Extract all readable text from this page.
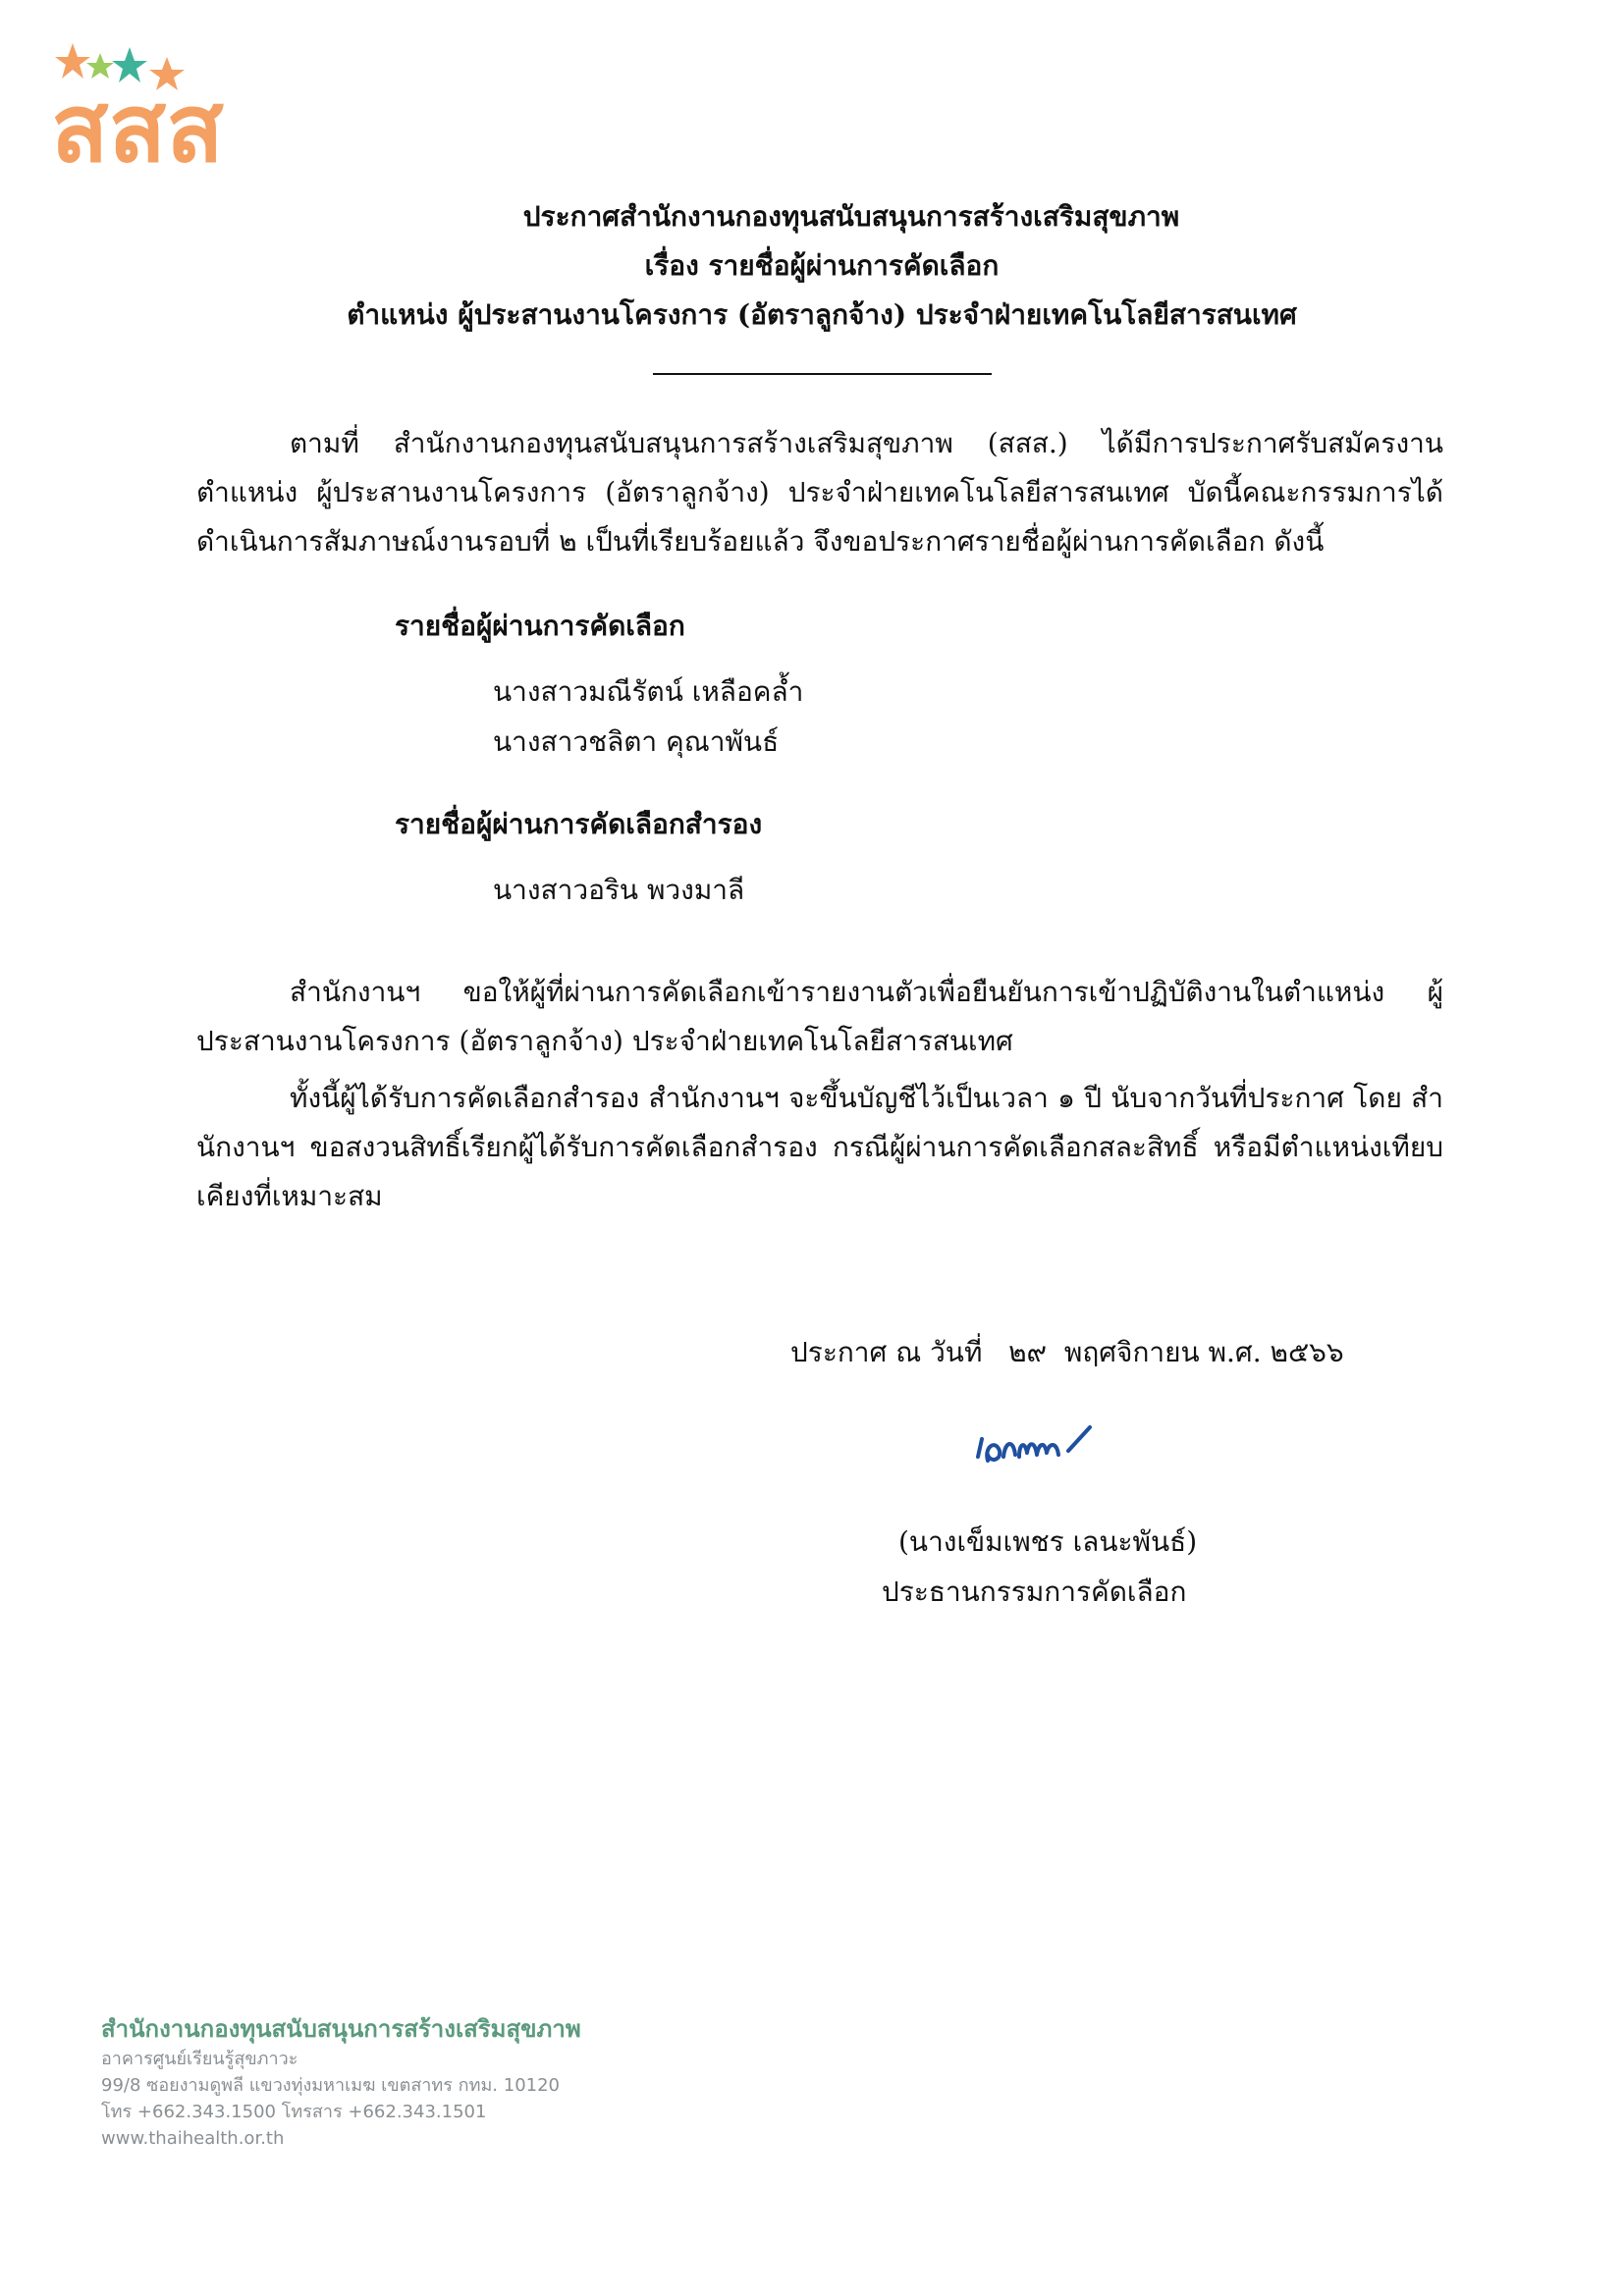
สสส
ประกาศสำนักงานกองทุนสนับสนุนการสร้างเสริมสุขภาพ
เรื่อง รายชื่อผู้ผ่านการคัดเลือก
ตำแหน่ง ผู้ประสานงานโครงการ (อัตราลูกจ้าง) ประจำฝ่ายเทคโนโลยีสารสนเทศ
ตามที่ สำนักงานกองทุนสนับสนุนการสร้างเสริมสุขภาพ (สสส.) ได้มีการประกาศรับสมัครงาน ตำแหน่ง ผู้ประสานงานโครงการ (อัตราลูกจ้าง) ประจำฝ่ายเทคโนโลยีสารสนเทศ บัดนี้คณะกรรมการได้ดำเนินการสัมภาษณ์งานรอบที่ ๒ เป็นที่เรียบร้อยแล้ว จึงขอประกาศรายชื่อผู้ผ่านการคัดเลือก ดังนี้
รายชื่อผู้ผ่านการคัดเลือก
นางสาวมณีรัตน์ เหลือคล้ำ
นางสาวชลิตา คุณาพันธ์
รายชื่อผู้ผ่านการคัดเลือกสำรอง
นางสาวอริน พวงมาลี
สำนักงานฯ ขอให้ผู้ที่ผ่านการคัดเลือกเข้ารายงานตัวเพื่อยืนยันการเข้าปฏิบัติงานในตำแหน่ง ผู้ประสานงานโครงการ (อัตราลูกจ้าง) ประจำฝ่ายเทคโนโลยีสารสนเทศ
ทั้งนี้ผู้ได้รับการคัดเลือกสำรอง สำนักงานฯ จะขึ้นบัญชีไว้เป็นเวลา ๑ ปี นับจากวันที่ประกาศ โดย สำนักงานฯ ขอสงวนสิทธิ์เรียกผู้ได้รับการคัดเลือกสำรอง กรณีผู้ผ่านการคัดเลือกสละสิทธิ์ หรือมีตำแหน่งเทียบเคียงที่เหมาะสม
ประกาศ ณ วันที่   ๒๙  พฤศจิกายน พ.ศ. ๒๕๖๖
(นางเข็มเพชร เลนะพันธ์)
ประธานกรรมการคัดเลือก
สำนักงานกองทุนสนับสนุนการสร้างเสริมสุขภาพ
อาคารศูนย์เรียนรู้สุขภาวะ
99/8 ซอยงามดูพลี แขวงทุ่งมหาเมฆ เขตสาทร กทม. 10120
โทร +662.343.1500 โทรสาร +662.343.1501
www.thaihealth.or.th
